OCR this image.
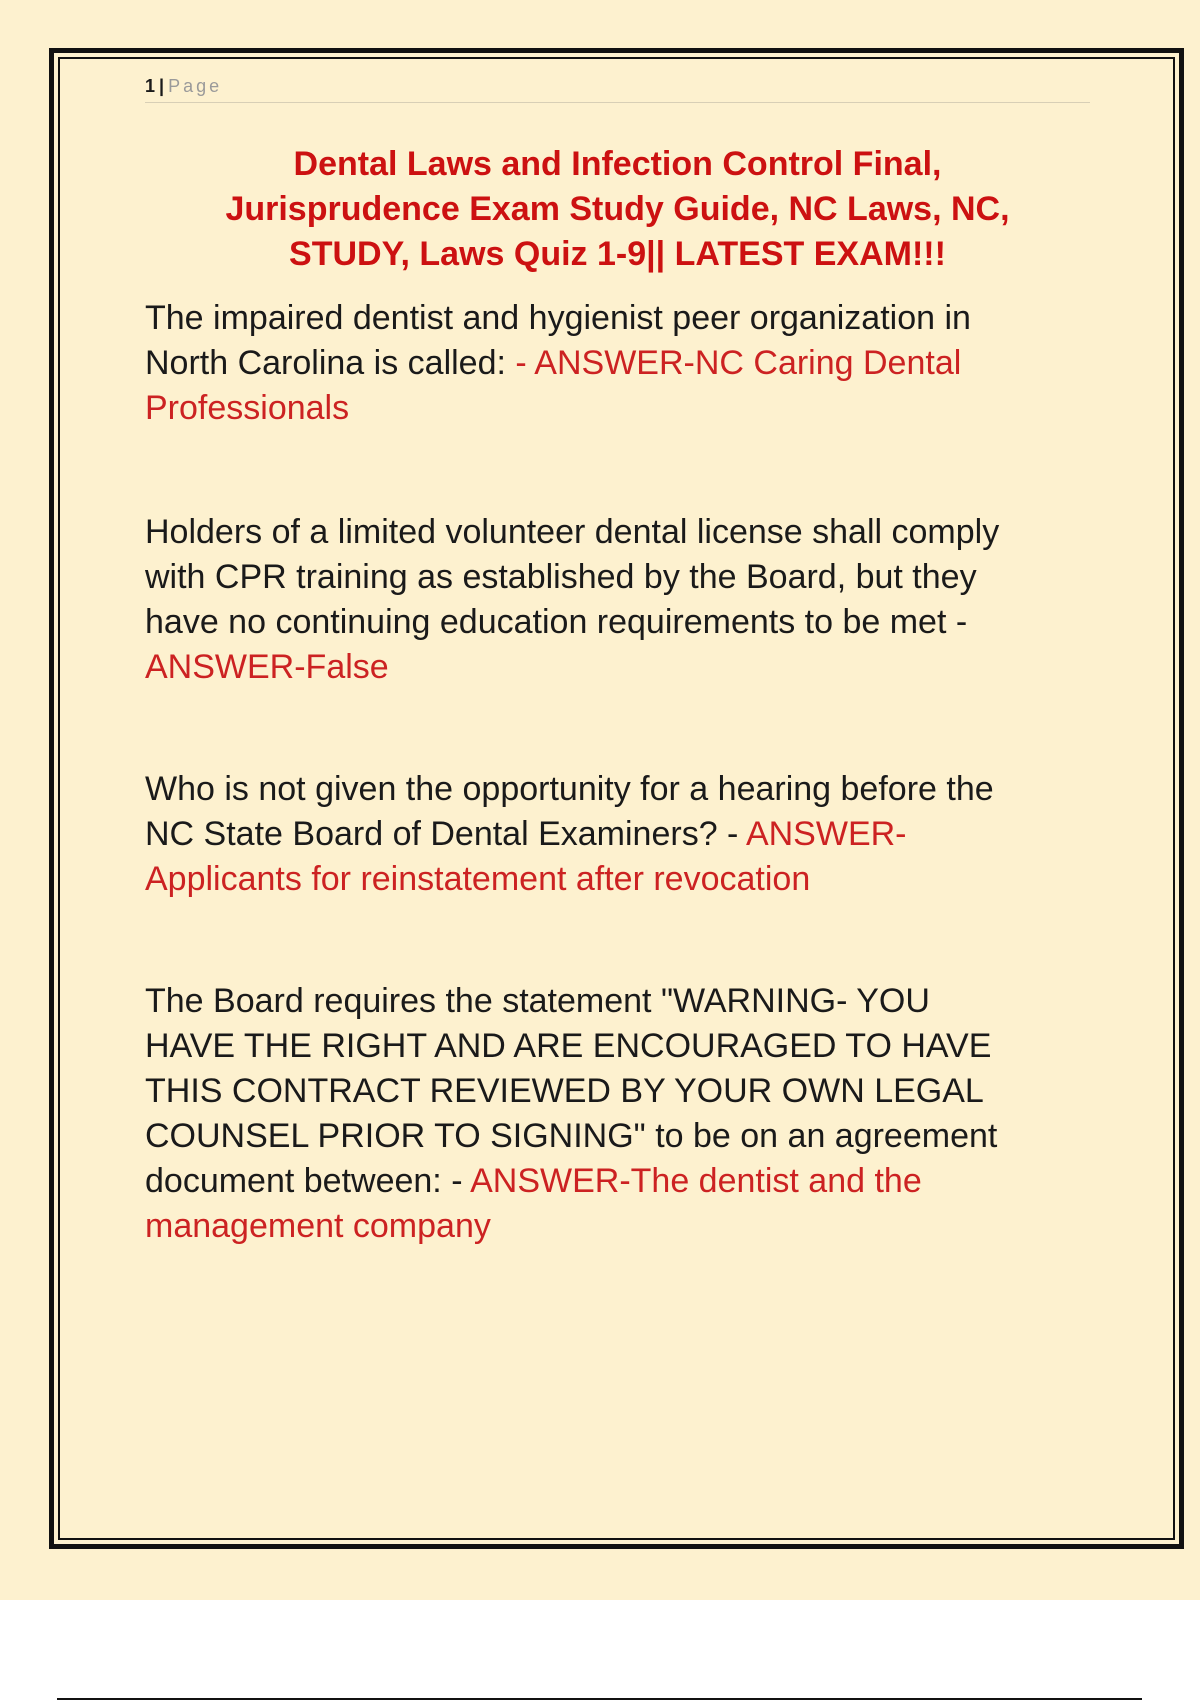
1 | Page
Dental Laws and Infection Control Final,
Jurisprudence Exam Study Guide, NC Laws, NC,
STUDY, Laws Quiz 1-9|| LATEST EXAM!!!
The impaired dentist and hygienist peer organization in
North Carolina is called: - ANSWER-NC Caring Dental
Professionals
Holders of a limited volunteer dental license shall comply
with CPR training as established by the Board, but they
have no continuing education requirements to be met -
ANSWER-False
Who is not given the opportunity for a hearing before the
NC State Board of Dental Examiners? - ANSWER-
Applicants for reinstatement after revocation
The Board requires the statement "WARNING- YOU
HAVE THE RIGHT AND ARE ENCOURAGED TO HAVE
THIS CONTRACT REVIEWED BY YOUR OWN LEGAL
COUNSEL PRIOR TO SIGNING" to be on an agreement
document between: - ANSWER-The dentist and the
management company
